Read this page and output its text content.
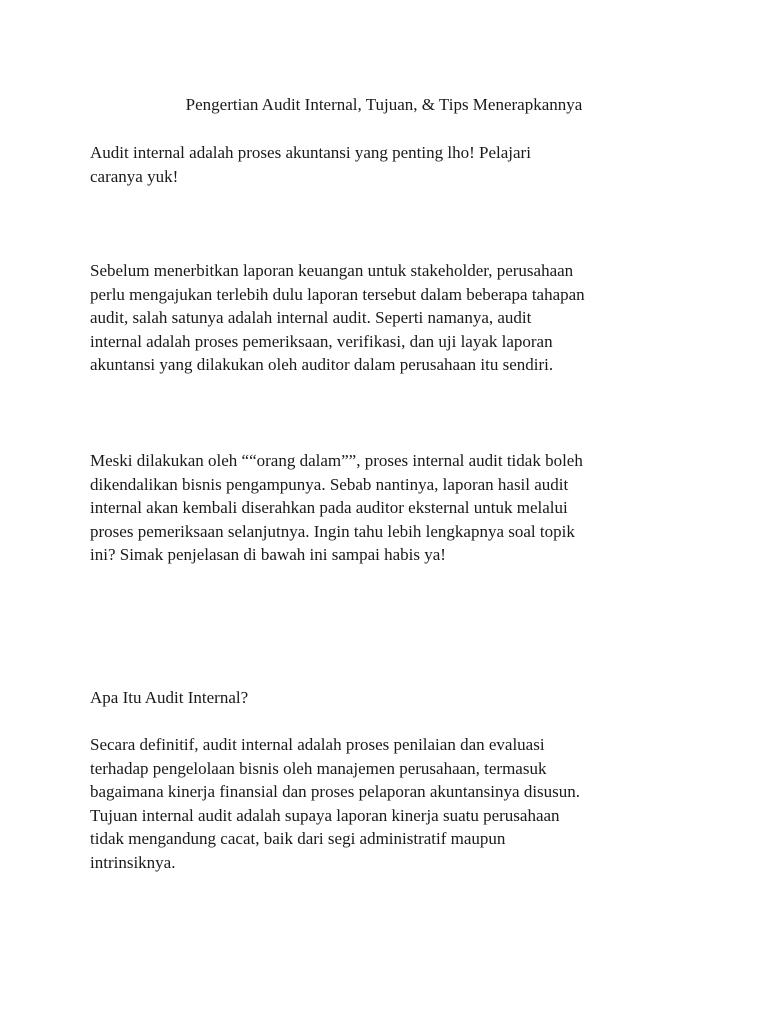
Pengertian Audit Internal, Tujuan, & Tips Menerapkannya

Audit internal adalah proses akuntansi yang penting lho! Pelajari
caranya yuk!

Sebelum menerbitkan laporan keuangan untuk stakeholder, perusahaan
perlu mengajukan terlebih dulu laporan tersebut dalam beberapa tahapan
audit, salah satunya adalah internal audit. Seperti namanya, audit
internal adalah proses pemeriksaan, verifikasi, dan uji layak laporan
akuntansi yang dilakukan oleh auditor dalam perusahaan itu sendiri.

Meski dilakukan oleh ““orang dalam””, proses internal audit tidak boleh
dikendalikan bisnis pengampunya. Sebab nantinya, laporan hasil audit
internal akan kembali diserahkan pada auditor eksternal untuk melalui
proses pemeriksaan selanjutnya. Ingin tahu lebih lengkapnya soal topik
ini? Simak penjelasan di bawah ini sampai habis ya!

Apa Itu Audit Internal?

Secara definitif, audit internal adalah proses penilaian dan evaluasi
terhadap pengelolaan bisnis oleh manajemen perusahaan, termasuk
bagaimana kinerja finansial dan proses pelaporan akuntansinya disusun.
Tujuan internal audit adalah supaya laporan kinerja suatu perusahaan
tidak mengandung cacat, baik dari segi administratif maupun
intrinsiknya.
